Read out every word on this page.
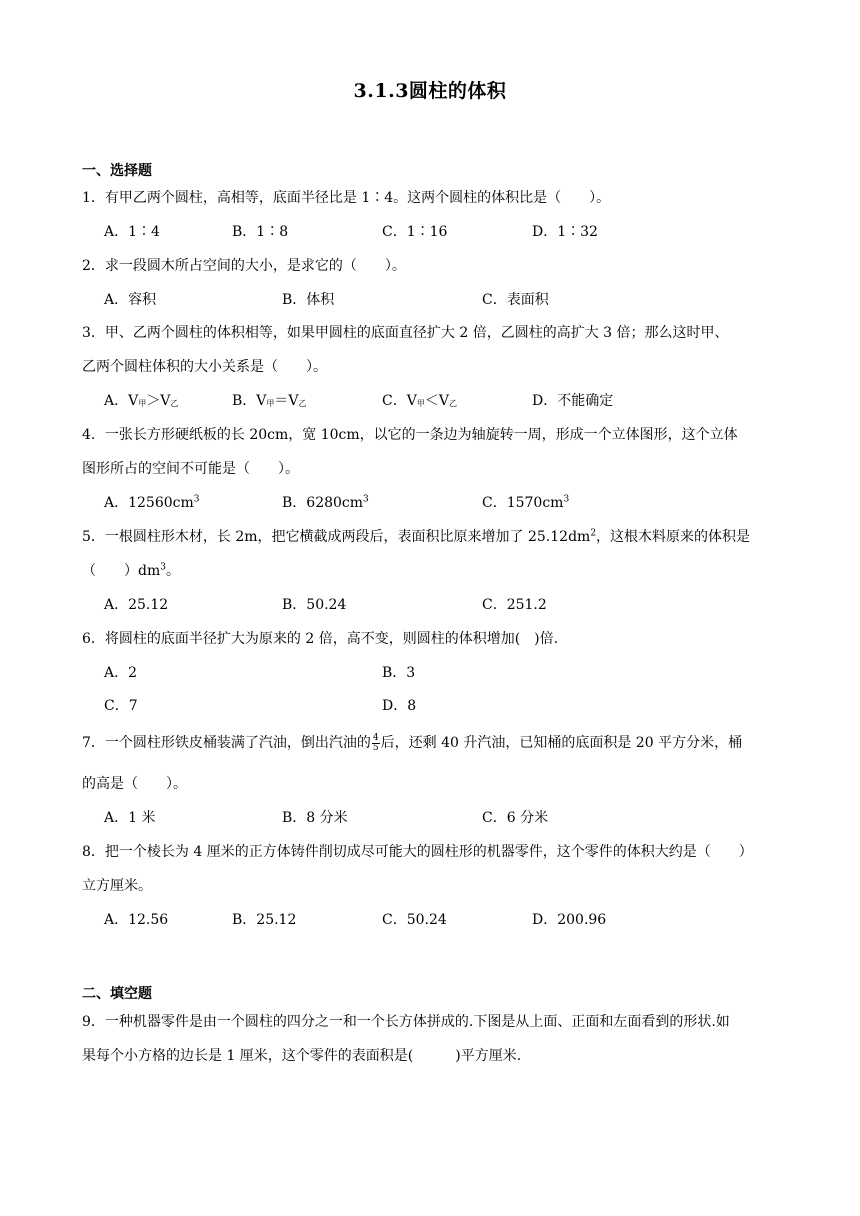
3.1.3圆柱的体积
一、选择题
1．有甲乙两个圆柱，高相等，底面半径比是 1∶4。这两个圆柱的体积比是（　　）。
A．1∶4	B．1∶8	C．1∶16	D．1∶32
2．求一段圆木所占空间的大小，是求它的（　　）。
A．容积	B．体积	C．表面积
3．甲、乙两个圆柱的体积相等，如果甲圆柱的底面直径扩大 2 倍，乙圆柱的高扩大 3 倍；那么这时甲、
乙两个圆柱体积的大小关系是（　　）。
A．$V_甲>V_乙$	B．$V_甲=V_乙$	C．$V_甲<V_乙$	D．不能确定
4．一张长方形硬纸板的长 20cm，宽 10cm，以它的一条边为轴旋转一周，形成一个立体图形，这个立体
图形所占的空间不可能是（　　）。
A．$12560cm^3$	B．$6280cm^3$	C．$1570cm^3$
5．一根圆柱形木材，长 2m，把它横截成两段后，表面积比原来增加了 $25.12dm^2$，这根木料原来的体积是
（　　）$dm^3$。
A．25.12	B．50.24	C．251.2
6．将圆柱的底面半径扩大为原来的 2 倍，高不变，则圆柱的体积增加(　)倍.
A．2	B．3
C．7	D．8
7．一个圆柱形铁皮桶装满了汽油，倒出汽油的 $\frac{4}{5}$ 后，还剩 40 升汽油，已知桶的底面积是 20 平方分米，桶
的高是（　　）。
A．1 米	B．8 分米	C．6 分米
8．把一个棱长为 4 厘米的正方体铸件削切成尽可能大的圆柱形的机器零件，这个零件的体积大约是（　　）
立方厘米。
A．12.56	B．25.12	C．50.24	D．200.96
二、填空题
9．一种机器零件是由一个圆柱的四分之一和一个长方体拼成的.下图是从上面、正面和左面看到的形状.如
果每个小方格的边长是 1 厘米，这个零件的表面积是(　　　)平方厘米.
